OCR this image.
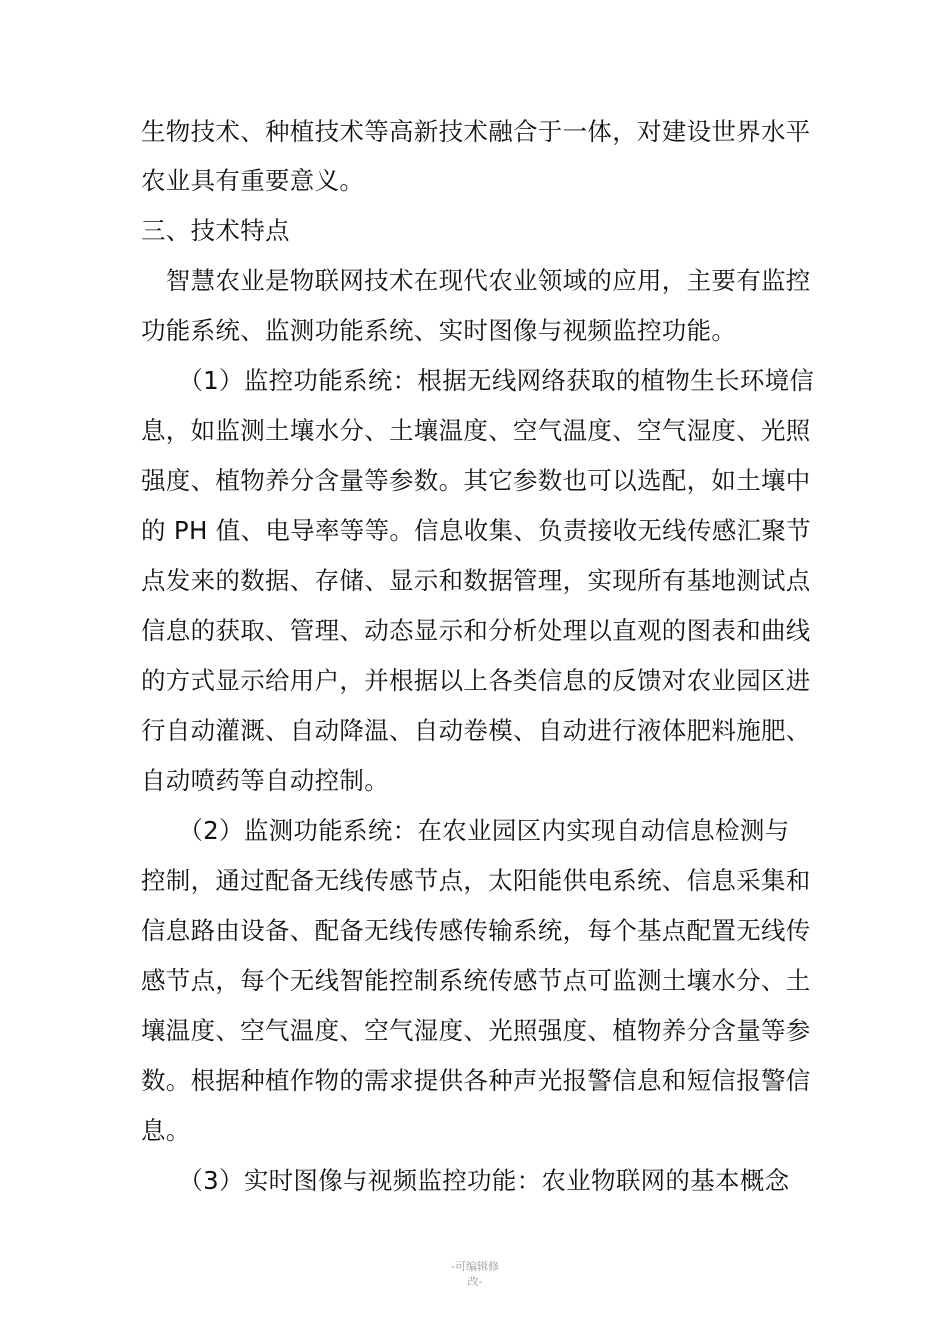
生物技术、种植技术等高新技术融合于一体，对建设世界水平
农业具有重要意义。
三、技术特点
　智慧农业是物联网技术在现代农业领域的应用，主要有监控
功能系统、监测功能系统、实时图像与视频监控功能。
　　（1）监控功能系统：根据无线网络获取的植物生长环境信
息，如监测土壤水分、土壤温度、空气温度、空气湿度、光照
强度、植物养分含量等参数。其它参数也可以选配，如土壤中
的 PH 值、电导率等等。信息收集、负责接收无线传感汇聚节
点发来的数据、存储、显示和数据管理，实现所有基地测试点
信息的获取、管理、动态显示和分析处理以直观的图表和曲线
的方式显示给用户，并根据以上各类信息的反馈对农业园区进
行自动灌溉、自动降温、自动卷模、自动进行液体肥料施肥、
自动喷药等自动控制。
　　（2）监测功能系统：在农业园区内实现自动信息检测与
控制，通过配备无线传感节点，太阳能供电系统、信息采集和
信息路由设备、配备无线传感传输系统，每个基点配置无线传
感节点，每个无线智能控制系统传感节点可监测土壤水分、土
壤温度、空气温度、空气湿度、光照强度、植物养分含量等参
数。根据种植作物的需求提供各种声光报警信息和短信报警信
息。
　　（3）实时图像与视频监控功能：农业物联网的基本概念
-可编辑修
改-
